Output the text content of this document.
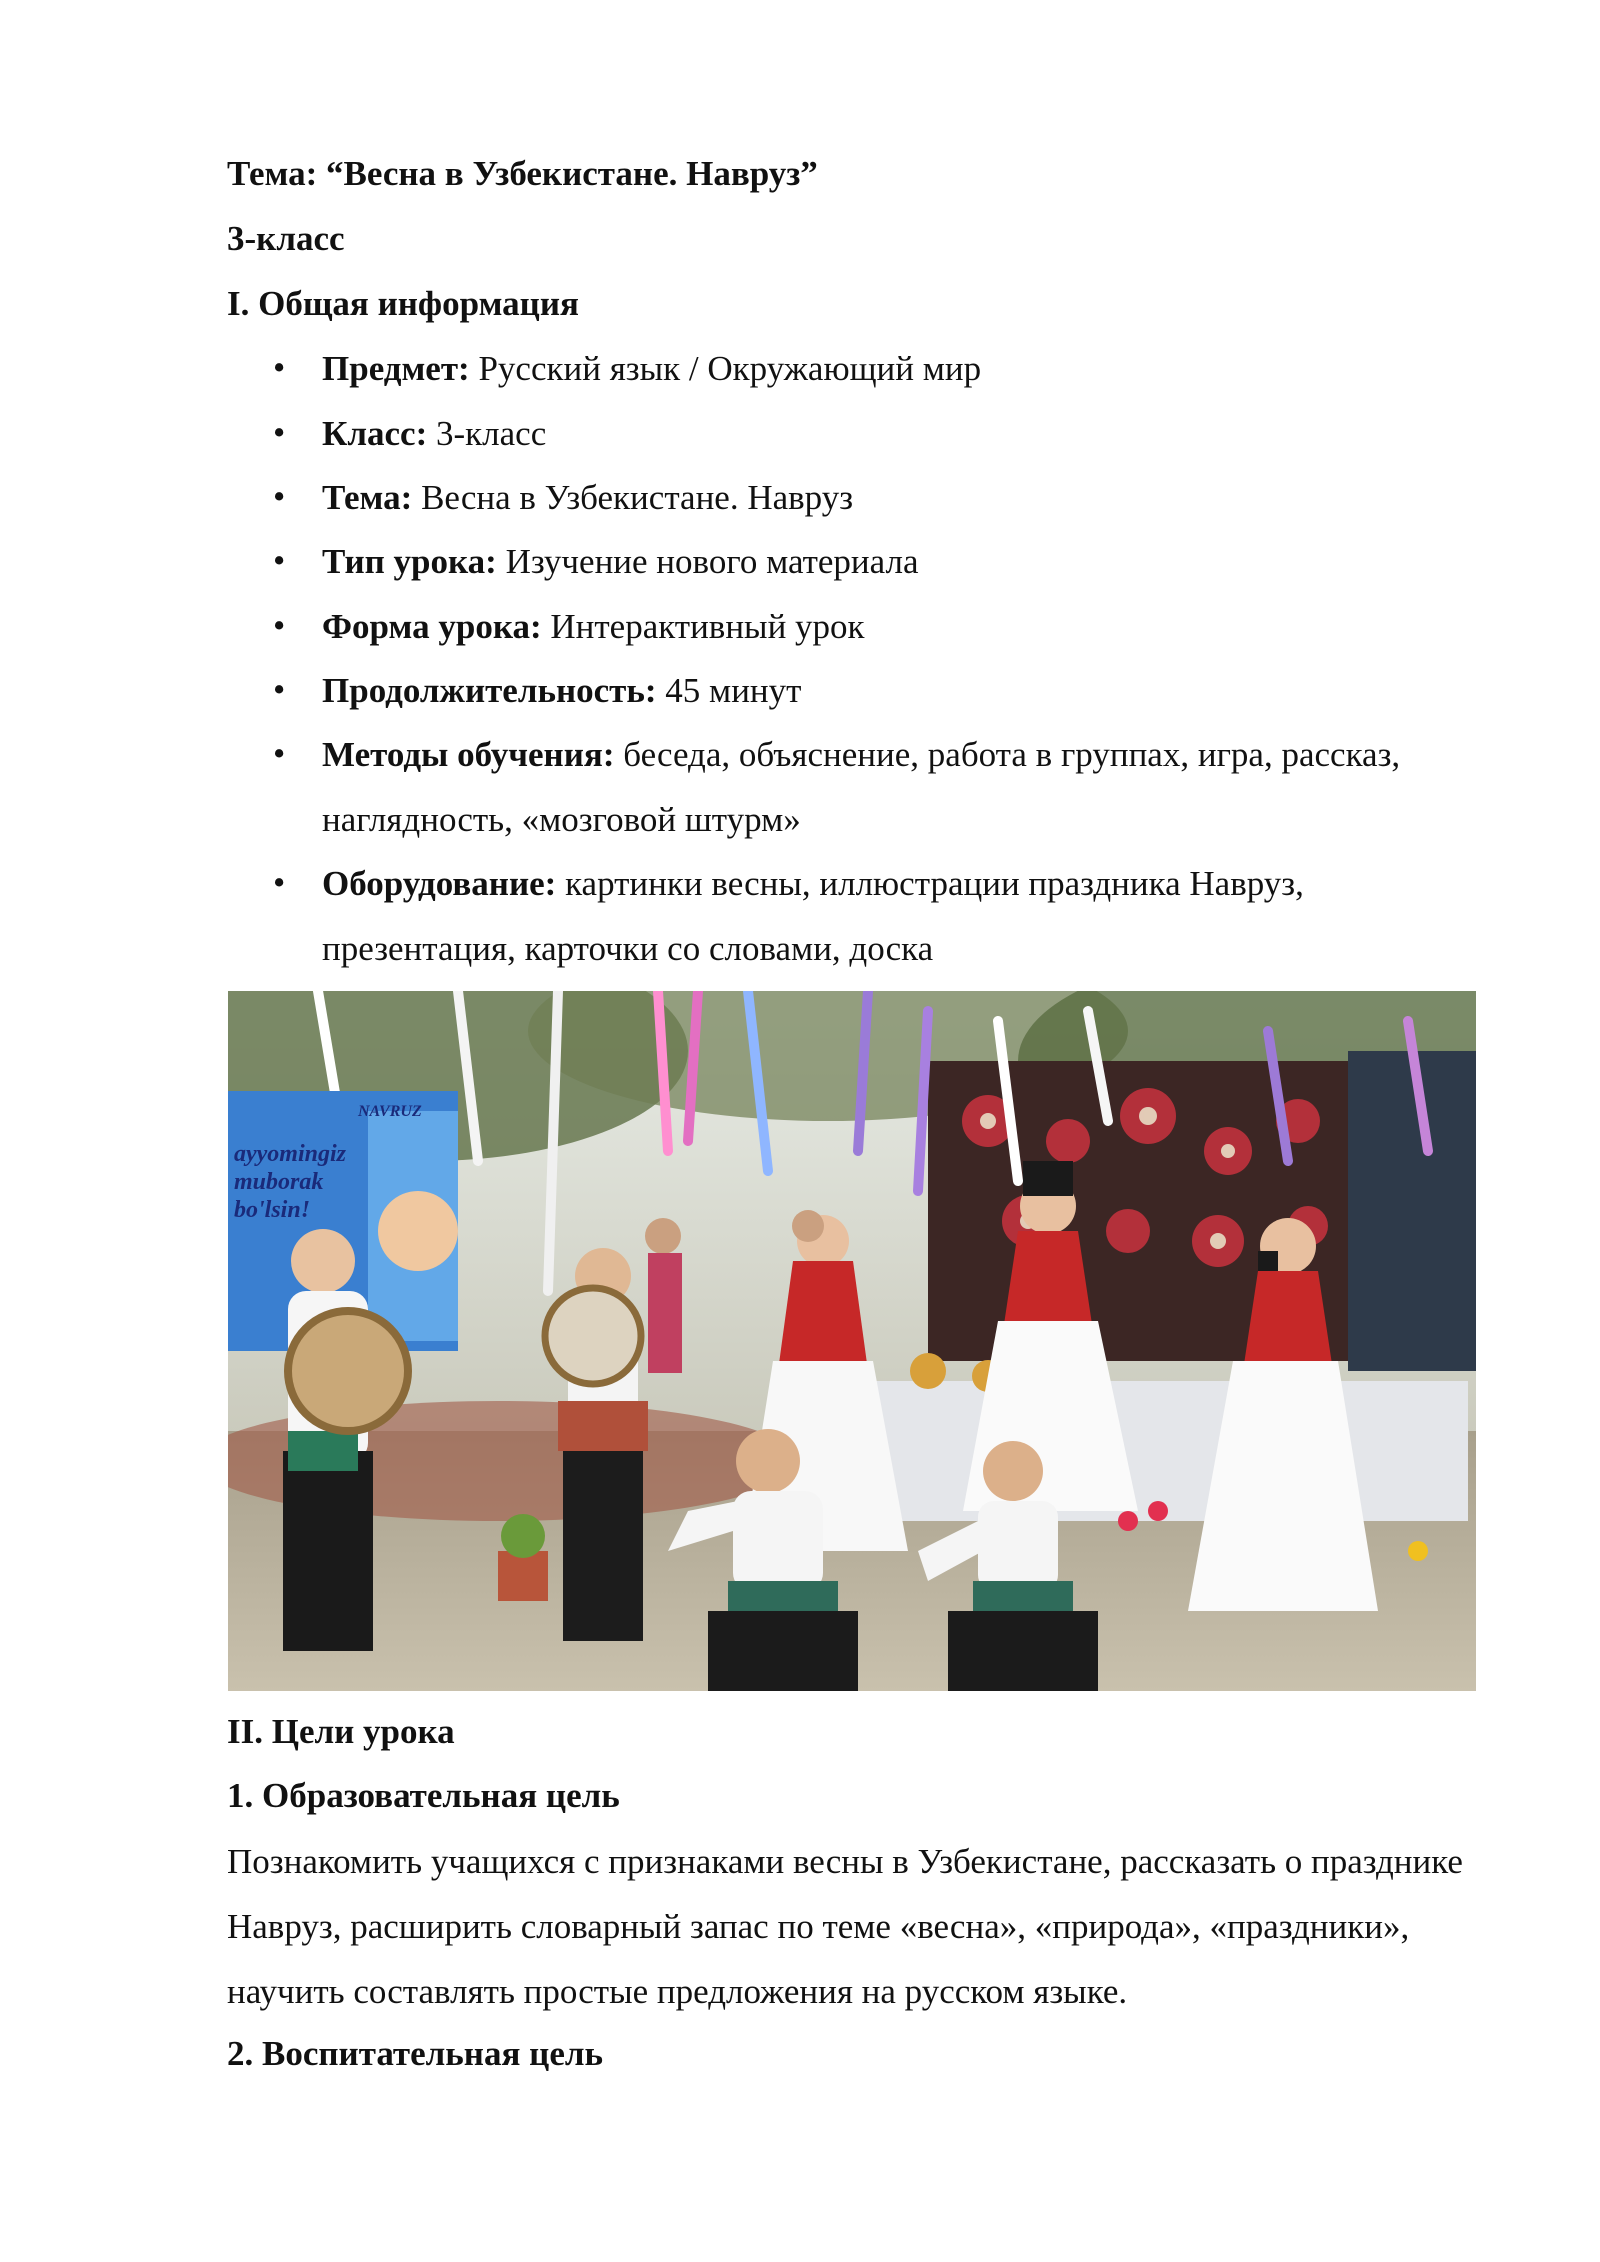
Тема: “Весна в Узбекистане. Навруз”
3-класс
I. Общая информация
• Предмет: Русский язык / Окружающий мир
• Класс: 3-класс
• Тема: Весна в Узбекистане. Навруз
• Тип урока: Изучение нового материала
• Форма урока: Интерактивный урок
• Продолжительность: 45 минут
• Методы обучения: беседа, объяснение, работа в группах, игра, рассказ, наглядность, «мозговой штурм»
• Оборудование: картинки весны, иллюстрации праздника Навруз, презентация, карточки со словами, доска
NAVRUZ
ayyomingiz
muborak
bo'lsin!
II. Цели урока
1. Образовательная цель
Познакомить учащихся с признаками весны в Узбекистане, рассказать о празднике Навруз, расширить словарный запас по теме «весна», «природа», «праздники», научить составлять простые предложения на русском языке.
2. Воспитательная цель
